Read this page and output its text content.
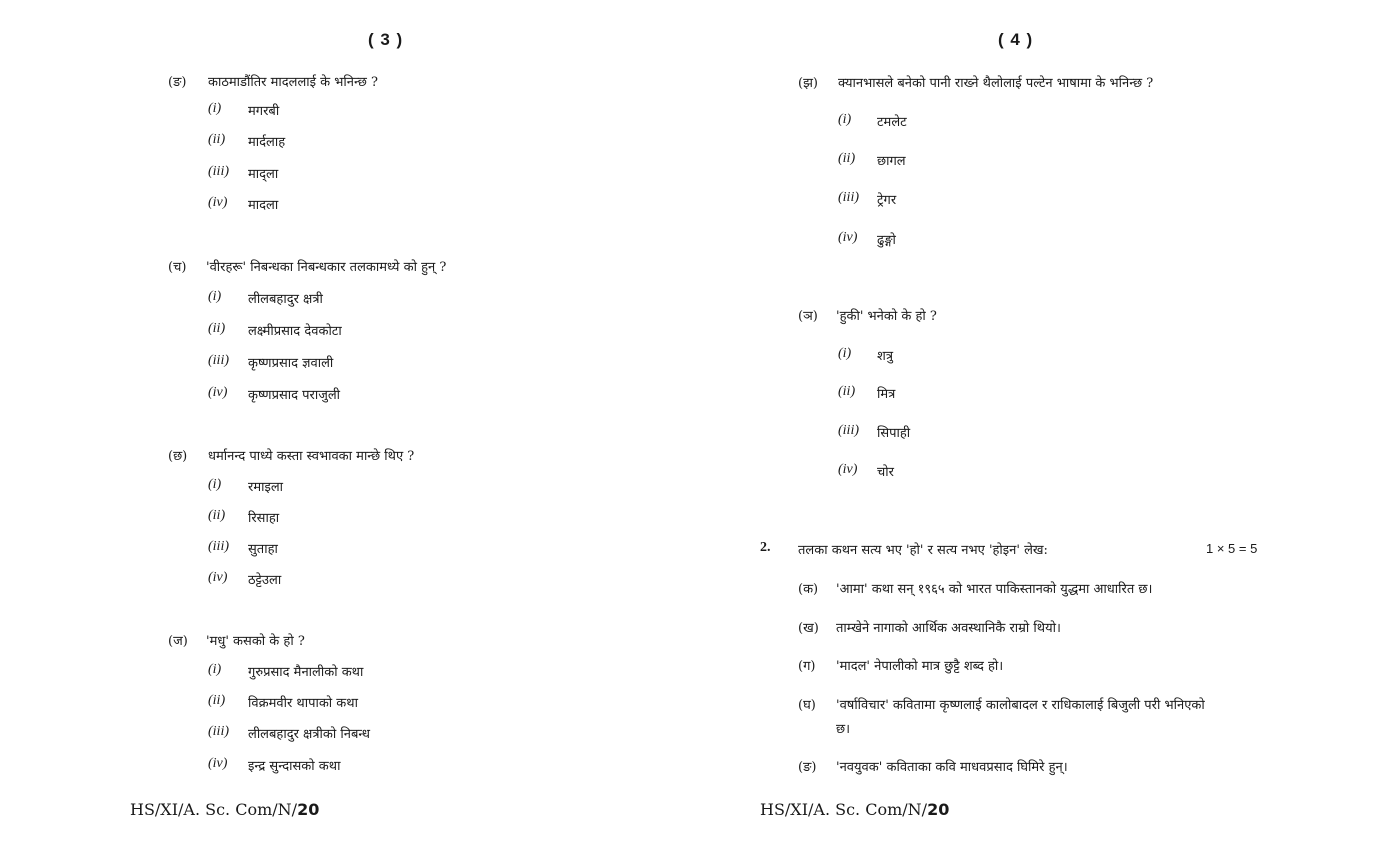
( 3 )
(ङ) काठमाडौंतिर मादललाई के भनिन्छ ?
(i) मगरबी
(ii) मार्दलाह
(iii) माद्ला
(iv) मादला
(च) 'वीरहरू' निबन्धका निबन्धकार तलकामध्ये को हुन् ?
(i) लीलबहादुर क्षत्री
(ii) लक्ष्मीप्रसाद देवकोटा
(iii) कृष्णप्रसाद ज्ञवाली
(iv) कृष्णप्रसाद पराजुली
(छ) धर्मानन्द पाध्ये कस्ता स्वभावका मान्छे थिए ?
(i) रमाइला
(ii) रिसाहा
(iii) सुताहा
(iv) ठट्टेउला
(ज) 'मधु' कसको के हो ?
(i) गुरुप्रसाद मैनालीको कथा
(ii) विक्रमवीर थापाको कथा
(iii) लीलबहादुर क्षत्रीको निबन्ध
(iv) इन्द्र सुन्दासको कथा
HS/XI/A. Sc. Com/N/20
( 4 )
(झ) क्यानभासले बनेको पानी राख्ने थैलोलाई पल्टेन भाषामा के भनिन्छ ?
(i) टमलेट
(ii) छागल
(iii) ट्रेगर
(iv) ढुङ्गो
(ञ) 'हुकी' भनेको के हो ?
(i) शत्रु
(ii) मित्र
(iii) सिपाही
(iv) चोर
2. तलका कथन सत्य भए 'हो' र सत्य नभए 'होइन' लेख:	1 × 5 = 5
(क) 'आमा' कथा सन् १९६५ को भारत पाकिस्तानको युद्धमा आधारित छ।
(ख) ताम्खेने नागाको आर्थिक अवस्थानिकै राम्रो थियो।
(ग) 'मादल' नेपालीको मात्र छुट्टै शब्द हो।
(घ) 'वर्षाविचार' कवितामा कृष्णलाई कालोबादल र राधिकालाई बिजुली परी भनिएको
छ।
(ङ) 'नवयुवक' कविताका कवि माधवप्रसाद घिमिरे हुन्।
HS/XI/A. Sc. Com/N/20
